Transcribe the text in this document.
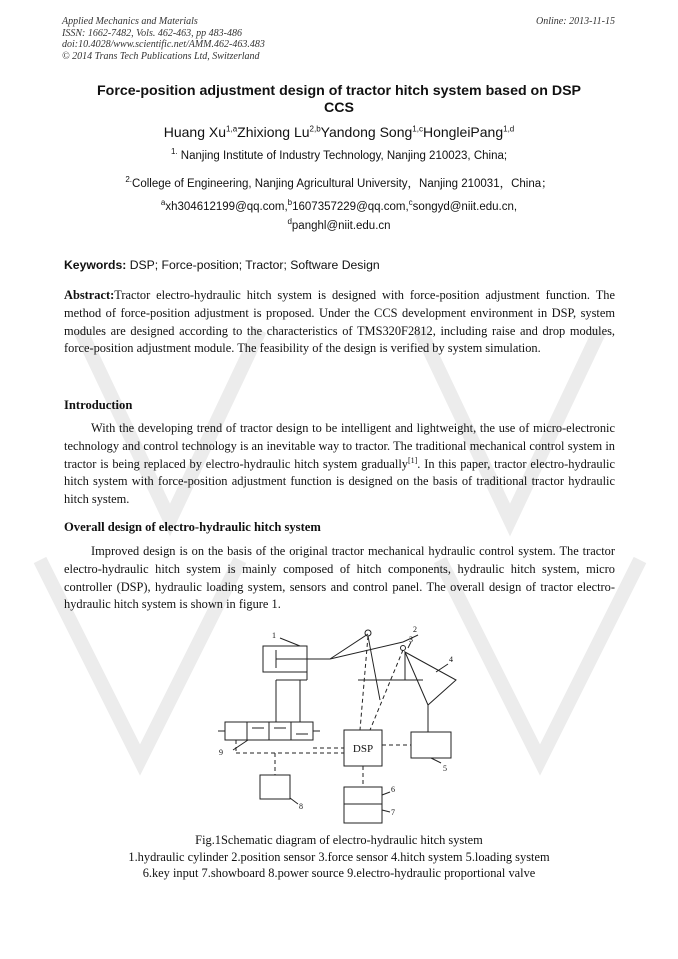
Applied Mechanics and Materials
ISSN: 1662-7482, Vols. 462-463, pp 483-486
doi:10.4028/www.scientific.net/AMM.462-463.483
© 2014 Trans Tech Publications Ltd, Switzerland
Online: 2013-11-15
Force-position adjustment design of tractor hitch system based on DSP
CCS
Huang Xu$^{1,a}$Zhixiong Lu$^{2,b}$Yandong Song$^{1,c}$HongleiPang$^{1,d}$
$^{1.}$ Nanjing Institute of Industry Technology, Nanjing 210023, China;
$^{2.}$College of Engineering, Nanjing Agricultural University，Nanjing 210031，China；
$^a$xh304612199@qq.com,$^b$1607357229@qq.com,$^c$songyd@niit.edu.cn,
$^d$panghl@niit.edu.cn
Keywords: DSP; Force-position; Tractor; Software Design
Abstract:Tractor electro-hydraulic hitch system is designed with force-position adjustment function. The method of force-position adjustment is proposed. Under the CCS development environment in DSP, system modules are designed according to the characteristics of TMS320F2812, including raise and drop modules, force-position adjustment module. The feasibility of the design is verified by system simulation.
Introduction
With the developing trend of tractor design to be intelligent and lightweight, the use of micro-electronic technology and control technology is an inevitable way to tractor. The traditional mechanical control system in tractor is being replaced by electro-hydraulic hitch system gradually[1]. In this paper, tractor electro-hydraulic hitch system with force-position adjustment function is designed on the basis of traditional tractor hydraulic hitch system.
Overall design of electro-hydraulic hitch system
Improved design is on the basis of the original tractor mechanical hydraulic control system. The tractor electro-hydraulic hitch system is mainly composed of hitch components, hydraulic hitch system, micro controller (DSP), hydraulic loading system, sensors and control panel. The overall design of tractor electro-hydraulic hitch system is shown in figure 1.
DSP
1
2
3
4
5
6
7
8
9
Fig.1Schematic diagram of electro-hydraulic hitch system
1.hydraulic cylinder 2.position sensor 3.force sensor 4.hitch system 5.loading system
6.key input 7.showboard 8.power source 9.electro-hydraulic proportional valve
